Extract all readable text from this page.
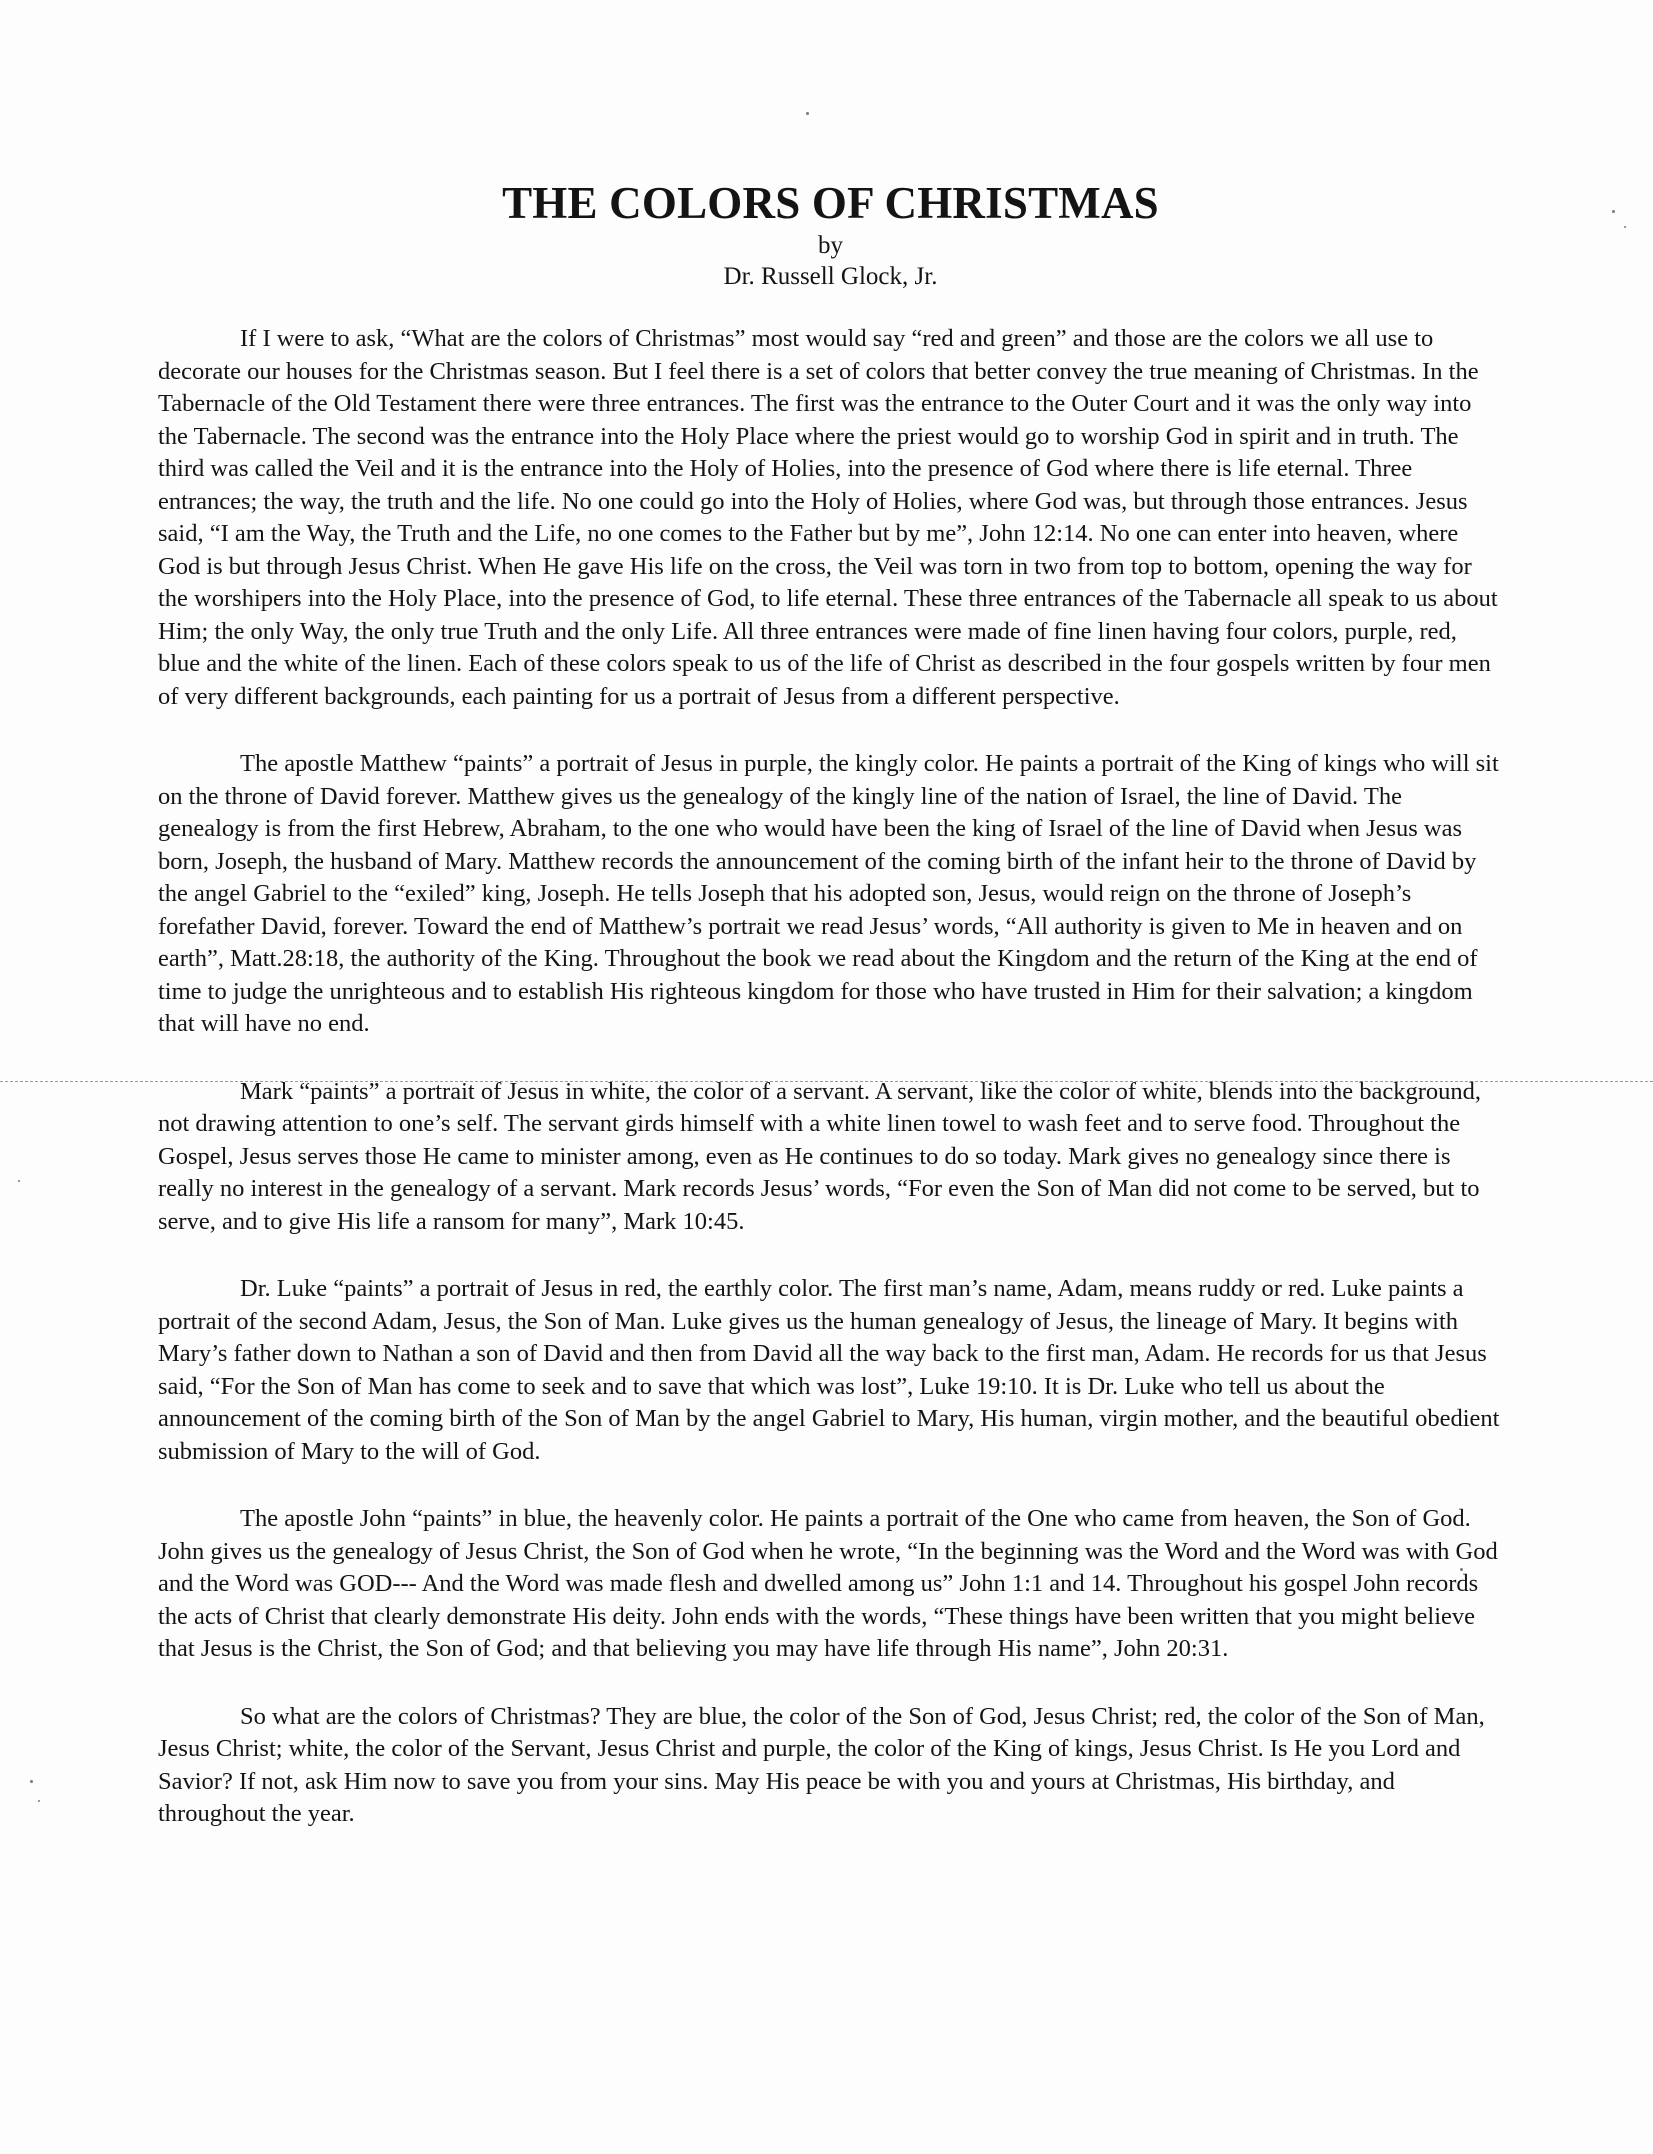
THE COLORS OF CHRISTMAS
by
Dr. Russell Glock, Jr.

If I were to ask, “What are the colors of Christmas” most would say “red and green” and those are the colors we all use to decorate our houses for the Christmas season. But I feel there is a set of colors that better convey the true meaning of Christmas. In the Tabernacle of the Old Testament there were three entrances. The first was the entrance to the Outer Court and it was the only way into the Tabernacle. The second was the entrance into the Holy Place where the priest would go to worship God in spirit and in truth. The third was called the Veil and it is the entrance into the Holy of Holies, into the presence of God where there is life eternal. Three entrances; the way, the truth and the life. No one could go into the Holy of Holies, where God was, but through those entrances. Jesus said, “I am the Way, the Truth and the Life, no one comes to the Father but by me”, John 12:14. No one can enter into heaven, where God is but through Jesus Christ. When He gave His life on the cross, the Veil was torn in two from top to bottom, opening the way for the worshipers into the Holy Place, into the presence of God, to life eternal. These three entrances of the Tabernacle all speak to us about Him; the only Way, the only true Truth and the only Life. All three entrances were made of fine linen having four colors, purple, red, blue and the white of the linen. Each of these colors speak to us of the life of Christ as described in the four gospels written by four men of very different backgrounds, each painting for us a portrait of Jesus from a different perspective.

The apostle Matthew “paints” a portrait of Jesus in purple, the kingly color. He paints a portrait of the King of kings who will sit on the throne of David forever. Matthew gives us the genealogy of the kingly line of the nation of Israel, the line of David. The genealogy is from the first Hebrew, Abraham, to the one who would have been the king of Israel of the line of David when Jesus was born, Joseph, the husband of Mary. Matthew records the announcement of the coming birth of the infant heir to the throne of David by the angel Gabriel to the “exiled” king, Joseph. He tells Joseph that his adopted son, Jesus, would reign on the throne of Joseph’s forefather David, forever. Toward the end of Matthew’s portrait we read Jesus’ words, “All authority is given to Me in heaven and on earth”, Matt.28:18, the authority of the King. Throughout the book we read about the Kingdom and the return of the King at the end of time to judge the unrighteous and to establish His righteous kingdom for those who have trusted in Him for their salvation; a kingdom that will have no end.

Mark “paints” a portrait of Jesus in white, the color of a servant. A servant, like the color of white, blends into the background, not drawing attention to one’s self. The servant girds himself with a white linen towel to wash feet and to serve food. Throughout the Gospel, Jesus serves those He came to minister among, even as He continues to do so today. Mark gives no genealogy since there is really no interest in the genealogy of a servant. Mark records Jesus’ words, “For even the Son of Man did not come to be served, but to serve, and to give His life a ransom for many”, Mark 10:45.

Dr. Luke “paints” a portrait of Jesus in red, the earthly color. The first man’s name, Adam, means ruddy or red. Luke paints a portrait of the second Adam, Jesus, the Son of Man. Luke gives us the human genealogy of Jesus, the lineage of Mary. It begins with Mary’s father down to Nathan a son of David and then from David all the way back to the first man, Adam. He records for us that Jesus said, “For the Son of Man has come to seek and to save that which was lost”, Luke 19:10. It is Dr. Luke who tell us about the announcement of the coming birth of the Son of Man by the angel Gabriel to Mary, His human, virgin mother, and the beautiful obedient submission of Mary to the will of God.

The apostle John “paints” in blue, the heavenly color. He paints a portrait of the One who came from heaven, the Son of God. John gives us the genealogy of Jesus Christ, the Son of God when he wrote, “In the beginning was the Word and the Word was with God and the Word was GOD--- And the Word was made flesh and dwelled among us” John 1:1 and 14. Throughout his gospel John records the acts of Christ that clearly demonstrate His deity. John ends with the words, “These things have been written that you might believe that Jesus is the Christ, the Son of God; and that believing you may have life through His name”, John 20:31.

So what are the colors of Christmas? They are blue, the color of the Son of God, Jesus Christ; red, the color of the Son of Man, Jesus Christ; white, the color of the Servant, Jesus Christ and purple, the color of the King of kings, Jesus Christ. Is He you Lord and Savior? If not, ask Him now to save you from your sins. May His peace be with you and yours at Christmas, His birthday, and throughout the year.
